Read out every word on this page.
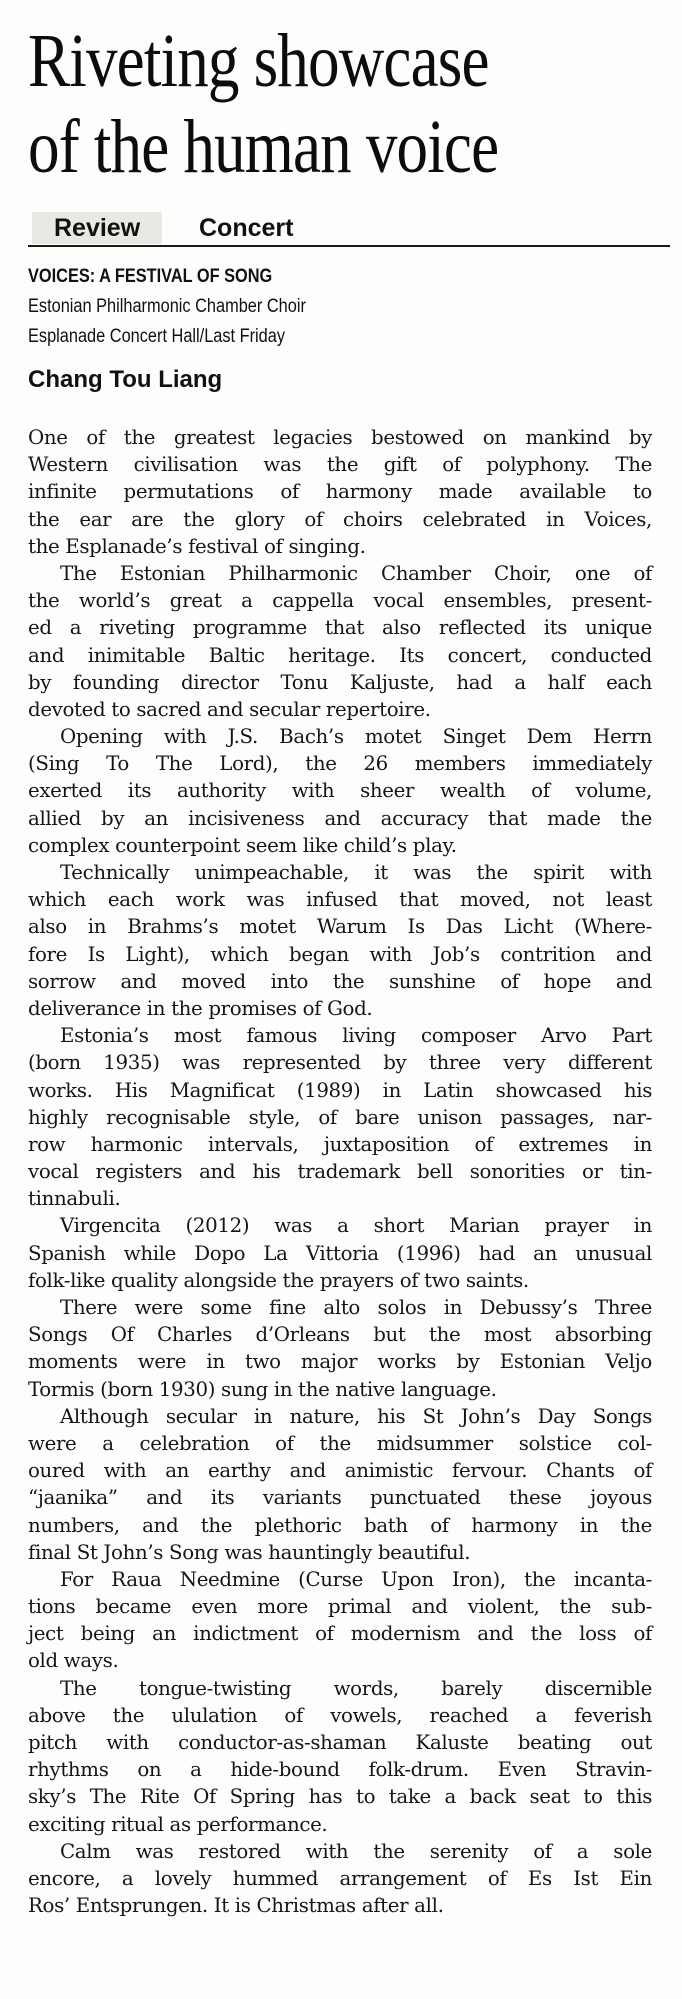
Riveting showcase
of the human voice
Review	Concert
VOICES: A FESTIVAL OF SONG
Estonian Philharmonic Chamber Choir
Esplanade Concert Hall/Last Friday
Chang Tou Liang
One of the greatest legacies bestowed on mankind by
Western civilisation was the gift of polyphony. The
infinite permutations of harmony made available to
the ear are the glory of choirs celebrated in Voices,
the Esplanade’s festival of singing.
The Estonian Philharmonic Chamber Choir, one of
the world’s great a cappella vocal ensembles, present-
ed a riveting programme that also reflected its unique
and inimitable Baltic heritage. Its concert, conducted
by founding director Tonu Kaljuste, had a half each
devoted to sacred and secular repertoire.
Opening with J.S. Bach’s motet Singet Dem Herrn
(Sing To The Lord), the 26 members immediately
exerted its authority with sheer wealth of volume,
allied by an incisiveness and accuracy that made the
complex counterpoint seem like child’s play.
Technically unimpeachable, it was the spirit with
which each work was infused that moved, not least
also in Brahms’s motet Warum Is Das Licht (Where-
fore Is Light), which began with Job’s contrition and
sorrow and moved into the sunshine of hope and
deliverance in the promises of God.
Estonia’s most famous living composer Arvo Part
(born 1935) was represented by three very different
works. His Magnificat (1989) in Latin showcased his
highly recognisable style, of bare unison passages, nar-
row harmonic intervals, juxtaposition of extremes in
vocal registers and his trademark bell sonorities or tin-
tinnabuli.
Virgencita (2012) was a short Marian prayer in
Spanish while Dopo La Vittoria (1996) had an unusual
folk-like quality alongside the prayers of two saints.
There were some fine alto solos in Debussy’s Three
Songs Of Charles d’Orleans but the most absorbing
moments were in two major works by Estonian Veljo
Tormis (born 1930) sung in the native language.
Although secular in nature, his St John’s Day Songs
were a celebration of the midsummer solstice col-
oured with an earthy and animistic fervour. Chants of
“jaanika” and its variants punctuated these joyous
numbers, and the plethoric bath of harmony in the
final St John’s Song was hauntingly beautiful.
For Raua Needmine (Curse Upon Iron), the incanta-
tions became even more primal and violent, the sub-
ject being an indictment of modernism and the loss of
old ways.
The tongue-twisting words, barely discernible
above the ululation of vowels, reached a feverish
pitch with conductor-as-shaman Kaluste beating out
rhythms on a hide-bound folk-drum. Even Stravin-
sky’s The Rite Of Spring has to take a back seat to this
exciting ritual as performance.
Calm was restored with the serenity of a sole
encore, a lovely hummed arrangement of Es Ist Ein
Ros’ Entsprungen. It is Christmas after all.
